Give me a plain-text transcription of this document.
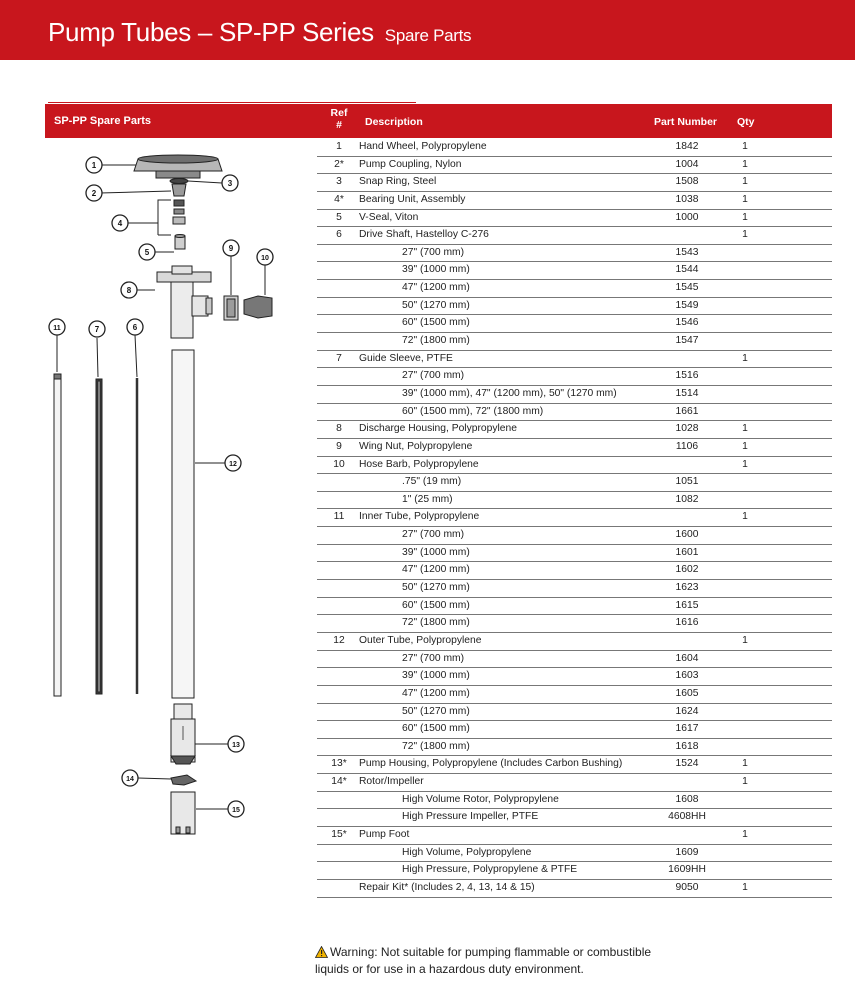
Pump Tubes – SP-PP Series Spare Parts
SP-PP Spare Parts
Ref
#	Description	Part Number Qty
1	Hand Wheel, Polypropylene	1842	1
2*	Pump Coupling, Nylon	1004	1
3	Snap Ring, Steel	1508	1
4*	Bearing Unit, Assembly	1038	1
5	V-Seal, Viton	1000	1
6	Drive Shaft, Hastelloy C-276	1
27" (700 mm)	1543
39" (1000 mm)	1544
47" (1200 mm)	1545
50" (1270 mm)	1549
60" (1500 mm)	1546
72" (1800 mm)	1547
7	Guide Sleeve, PTFE	1
27" (700 mm)	1516
39" (1000 mm), 47" (1200 mm), 50" (1270 mm)	1514
60" (1500 mm), 72" (1800 mm)	1661
8	Discharge Housing, Polypropylene	1028	1
9	Wing Nut, Polypropylene	1106	1
10	Hose Barb, Polypropylene	1
.75" (19 mm)	1051
1" (25 mm)	1082
11	Inner Tube, Polypropylene	1
27" (700 mm)	1600
39" (1000 mm)	1601
47" (1200 mm)	1602
50" (1270 mm)	1623
60" (1500 mm)	1615
72" (1800 mm)	1616
12	Outer Tube, Polypropylene	1
27" (700 mm)	1604
39" (1000 mm)	1603
47" (1200 mm)	1605
50" (1270 mm)	1624
60" (1500 mm)	1617
72" (1800 mm)	1618
13*	Pump Housing, Polypropylene (Includes Carbon Bushing)	1524	1
14*	Rotor/Impeller	1
High Volume Rotor, Polypropylene	1608
High Pressure Impeller, PTFE	4608HH
15*	Pump Foot	1
High Volume, Polypropylene	1609
High Pressure, Polypropylene & PTFE	1609HH
Repair Kit* (Includes 2, 4, 13, 14 & 15)	9050	1
1
2
3
4
5
6
7
8
9
10
11
12
13
14
15
Warning: Not suitable for pumping flammable or combustible
liquids or for use in a hazardous duty environment.
